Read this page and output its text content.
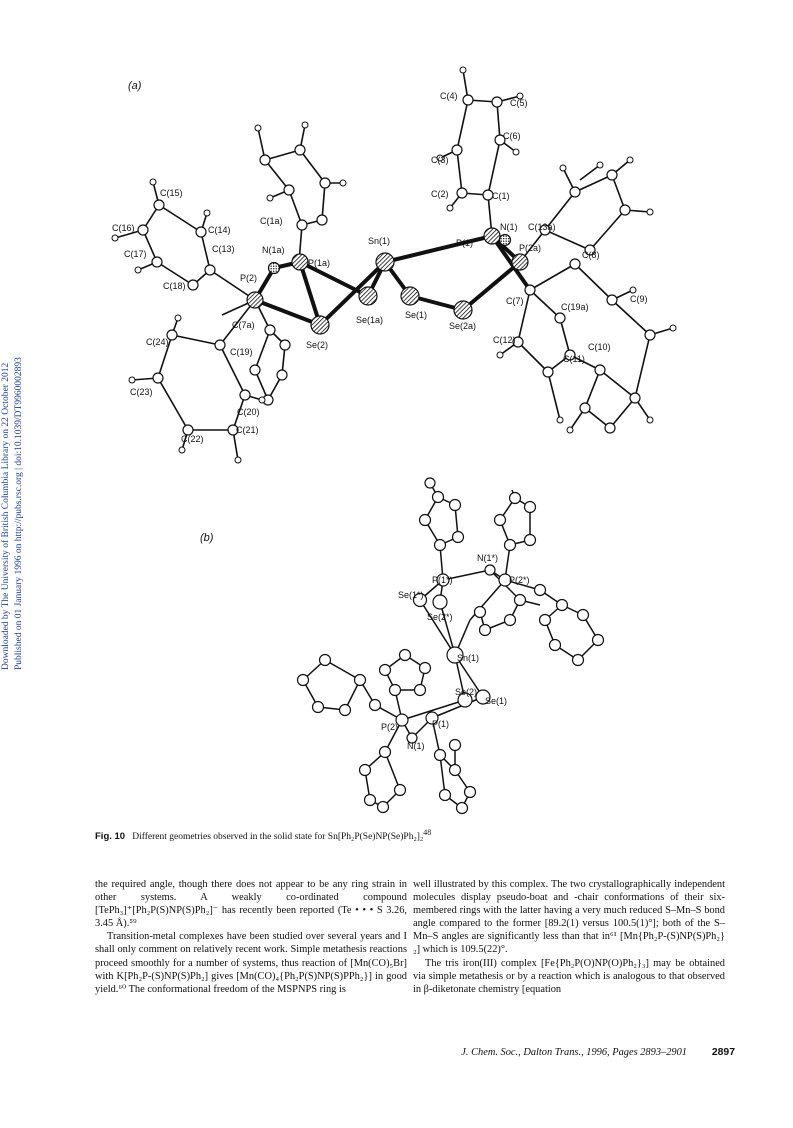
Downloaded by The University of British Columbia Library on 22 October 2012 Published on 01 January 1996 on http://pubs.rsc.org | doi:10.1039/DT9960002893
(a)
(b)
C(4)
C(5)
C(6)
C(3)
C(2)	C(1)
C(15)
C(16)	C(14)
C(1a)
N(1) C(13a)
Sn(1)	P(1)	P(2a)
C(17)	C(13)	N(1a)
P(1a)
C(8)
C(18)
P(2)
C(7)
C(19a)
C(9)
C(7a)	Se(1a) Se(1)
Se(2a)
C(12)
C(24)	Se(2)	C(10)
C(19)
C(11)
C(23)
C(20)
C(21)
C(22)
N(1*)
P(1*)	P(2*)
Se(1*)
Se(2*)
Sn(1)
Se(2)
Se(1)
P(2)	P(1)
N(1)
Fig. 10 Different geometries observed in the solid state for Sn[Ph₂P(Se)NP(Se)Ph₂]₂$^{48}$

the required angle, though there does not appear to be any ring strain in other systems. A weakly co-ordinated compound [TePh₃]⁺[Ph₂P(S)NP(S)Ph₂]⁻ has recently been reported (Te • • • S 3.26, 3.45 Å).⁵⁹

Transition-metal complexes have been studied over several years and I shall only comment on relatively recent work. Simple metathesis reactions proceed smoothly for a number of systems, thus reaction of [Mn(CO)₅Br] with K[Ph₂P-(S)NP(S)Ph₂] gives [Mn(CO)₄{Ph₂P(S)NP(S)PPh₂}] in good yield.⁶⁰ The conformational freedom of the MSPNPS ring is

well illustrated by this complex. The two crystallographically independent molecules display pseudo-boat and -chair conformations of their six-membered rings with the latter having a very much reduced S–Mn–S bond angle compared to the former [89.2(1) versus 100.5(1)°]; both of the S–Mn–S angles are significantly less than that in⁶¹ [Mn{Ph₂P-(S)NP(S)Ph₂}₂] which is 109.5(22)°.

The tris iron(III) complex [Fe{Ph₂P(O)NP(O)Ph₂}₃] may be obtained via simple metathesis or by a reaction which is analogous to that observed in β-diketonate chemistry [equation

J. Chem. Soc., Dalton Trans., 1996, Pages 2893–2901 2897
